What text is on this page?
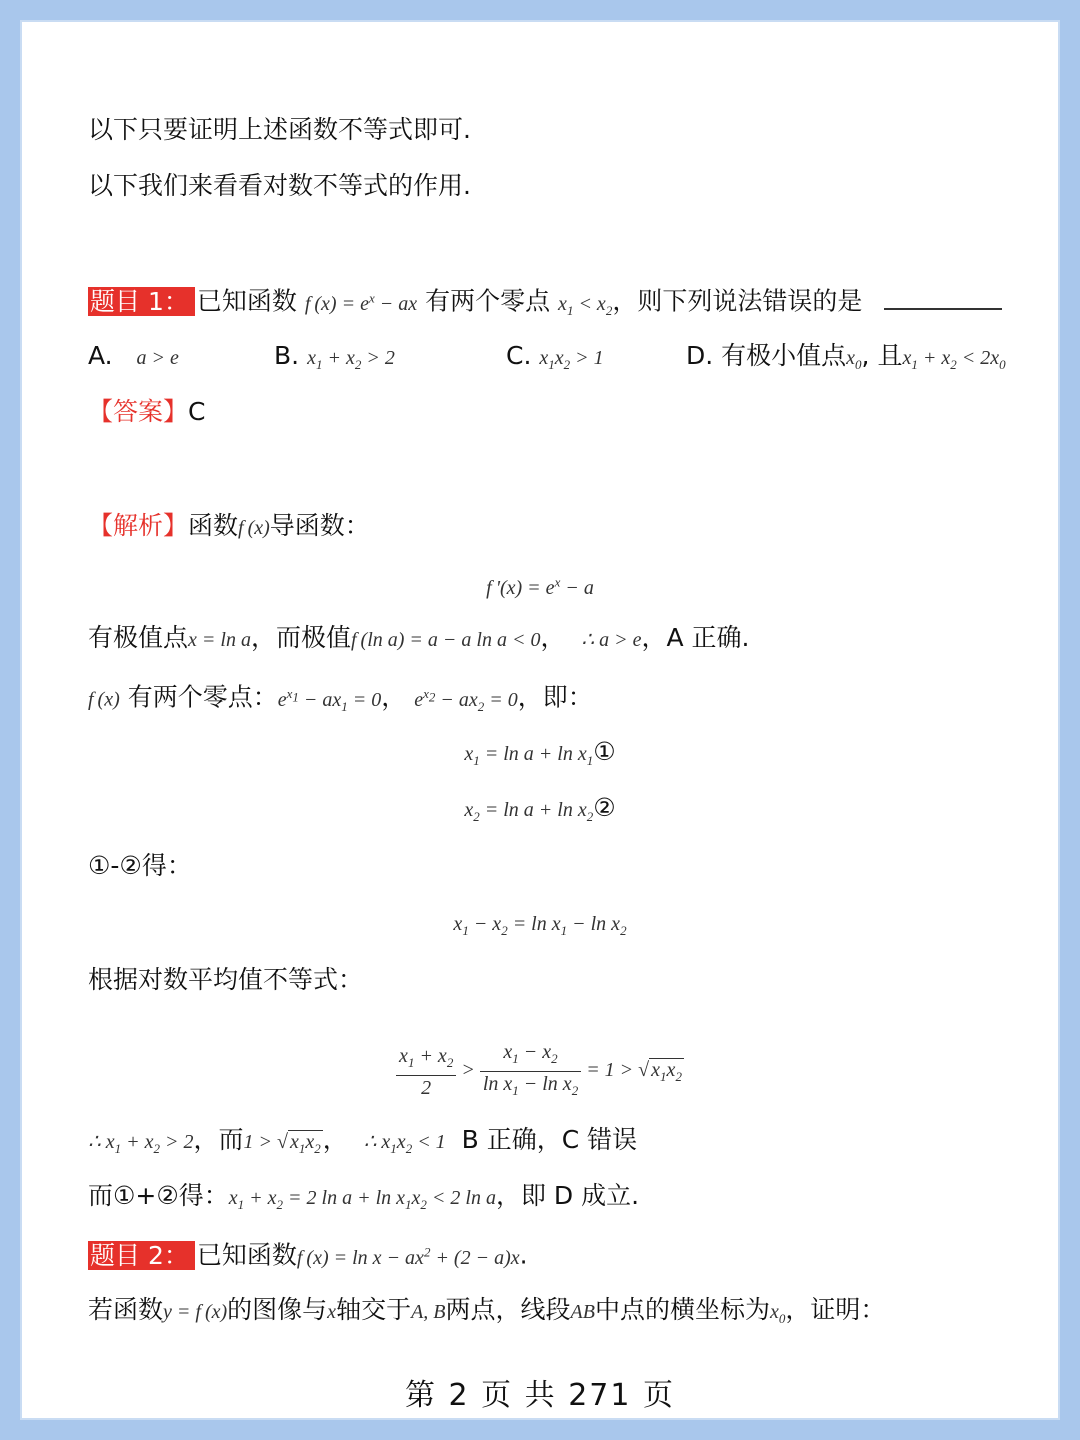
以下只要证明上述函数不等式即可.
以下我们来看看对数不等式的作用.
题目 1： 已知函数 f $(x) = e^x$ − ax 有两个零点 $x_1 < x_2$，则下列说法错误的是
A. a > e	B. $x_1 + x_2 > 2$	C. $x_1x_2 > 1$	D. 有极小值点$x_0$, 且$x_1 + x_2 < 2x_0$
【答案】C
【解析】函数f (x)导函数：
f '$(x) = e^x - a$
有极值点x = ln a，而极值f (ln a) = a − a ln a < 0， ∴ a > e，A 正确.
f (x) 有两个零点：$e^{x_1} - ax_1 = 0$， $e^{x_2} - ax_2 = 0$，即：
$x_1 = \ln a + \ln$ $x_1①$
$x_2 = \ln a + \ln$ $x_2②$
①-②得：
$x_1 - x_2 = \ln x_1 - \ln x_2$
根据对数平均值不等式：
$\frac{x_1 + x_2}{2} > \frac{x_1 - x_2}{\ln x_1 - \ln x_2} = 1$ > √ $x_1x_2$
∴ $x_1 + x_2 > 2$，而1 > √ $x_1x_2$， ∴ $x_1x_2 < 1$ B 正确，C 错误
而①+②得：$x_1 + x_2 = 2$ $\ln a + \ln x_1x_2 < 2$ ln a，即 D 成立.
题目 2： 已知函数f $(x) = \ln x - ax^2 + (2 - a)x$.
若函数y = f (x)的图像与x轴交于A, B两点，线段AB中点的横坐标为$x_0$，证明：
第 2 页 共 271 页
